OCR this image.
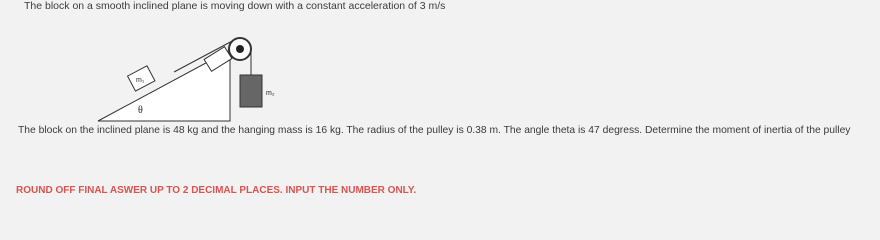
The block on a smooth inclined plane is moving down with a constant acceleration of 3 m/s
m₁
m₂
θ
The block on the inclined plane is 48 kg and the hanging mass is 16 kg. The radius of the pulley is 0.38 m. The angle theta is 47 degress. Determine the moment of inertia of the pulley
ROUND OFF FINAL ASWER UP TO 2 DECIMAL PLACES. INPUT THE NUMBER ONLY.
